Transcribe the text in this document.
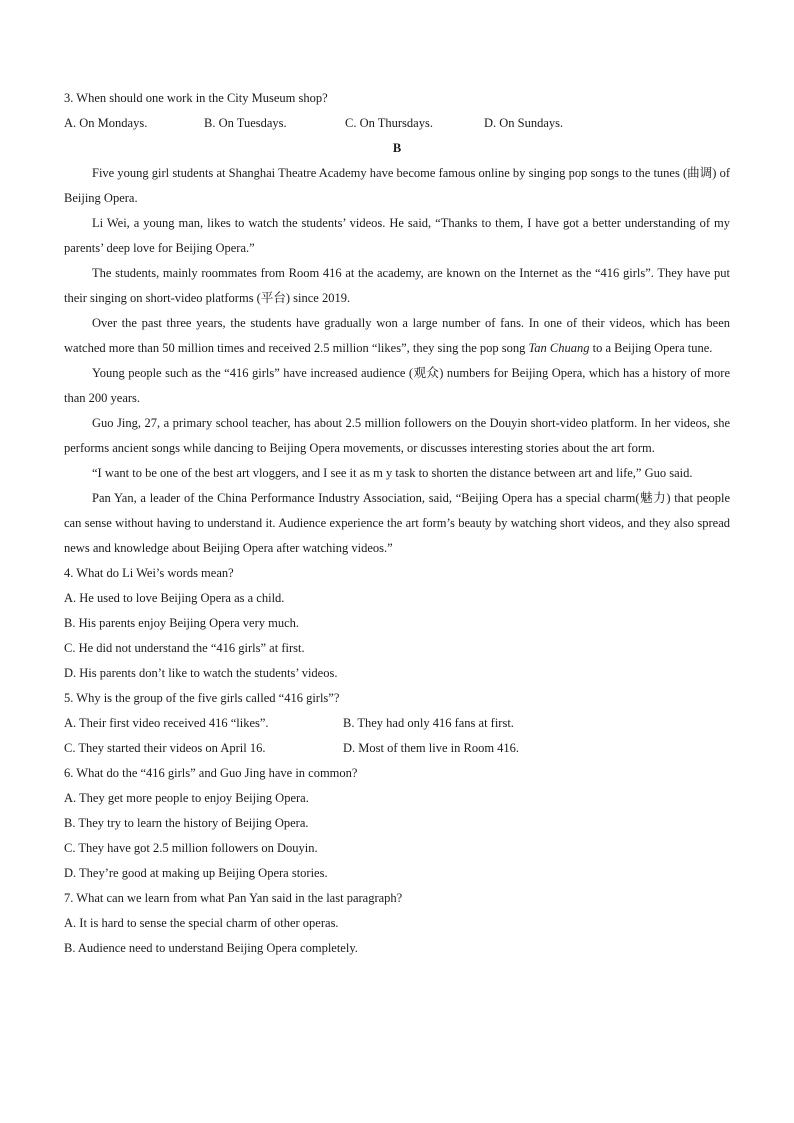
3. When should one work in the City Museum shop?
A. On Mondays.	B. On Tuesdays.	C. On Thursdays.	D. On Sundays.
B
Five young girl students at Shanghai Theatre Academy have become famous online by singing pop songs to the tunes (曲调) of Beijing Opera.
Li Wei, a young man, likes to watch the students’ videos. He said, “Thanks to them, I have got a better understanding of my parents’ deep love for Beijing Opera.”
The students, mainly roommates from Room 416 at the academy, are known on the Internet as the “416 girls”. They have put their singing on short-video platforms (平台) since 2019.
Over the past three years, the students have gradually won a large number of fans. In one of their videos, which has been watched more than 50 million times and received 2.5 million “likes”, they sing the pop song Tan Chuang to a Beijing Opera tune.
Young people such as the “416 girls” have increased audience (观众) numbers for Beijing Opera, which has a history of more than 200 years.
Guo Jing, 27, a primary school teacher, has about 2.5 million followers on the Douyin short-video platform. In her videos, she performs ancient songs while dancing to Beijing Opera movements, or discusses interesting stories about the art form.
“I want to be one of the best art vloggers, and I see it as m y task to shorten the distance between art and life,” Guo said.
Pan Yan, a leader of the China Performance Industry Association, said, “Beijing Opera has a special charm(魅力) that people can sense without having to understand it. Audience experience the art form’s beauty by watching short videos, and they also spread news and knowledge about Beijing Opera after watching videos.”
4. What do Li Wei’s words mean?
A. He used to love Beijing Opera as a child.
B. His parents enjoy Beijing Opera very much.
C. He did not understand the “416 girls” at first.
D. His parents don’t like to watch the students’ videos.
5. Why is the group of the five girls called “416 girls”?
A. Their first video received 416 “likes”.	B. They had only 416 fans at first.
C. They started their videos on April 16.	D. Most of them live in Room 416.
6. What do the “416 girls” and Guo Jing have in common?
A. They get more people to enjoy Beijing Opera.
B. They try to learn the history of Beijing Opera.
C. They have got 2.5 million followers on Douyin.
D. They’re good at making up Beijing Opera stories.
7. What can we learn from what Pan Yan said in the last paragraph?
A. It is hard to sense the special charm of other operas.
B. Audience need to understand Beijing Opera completely.
